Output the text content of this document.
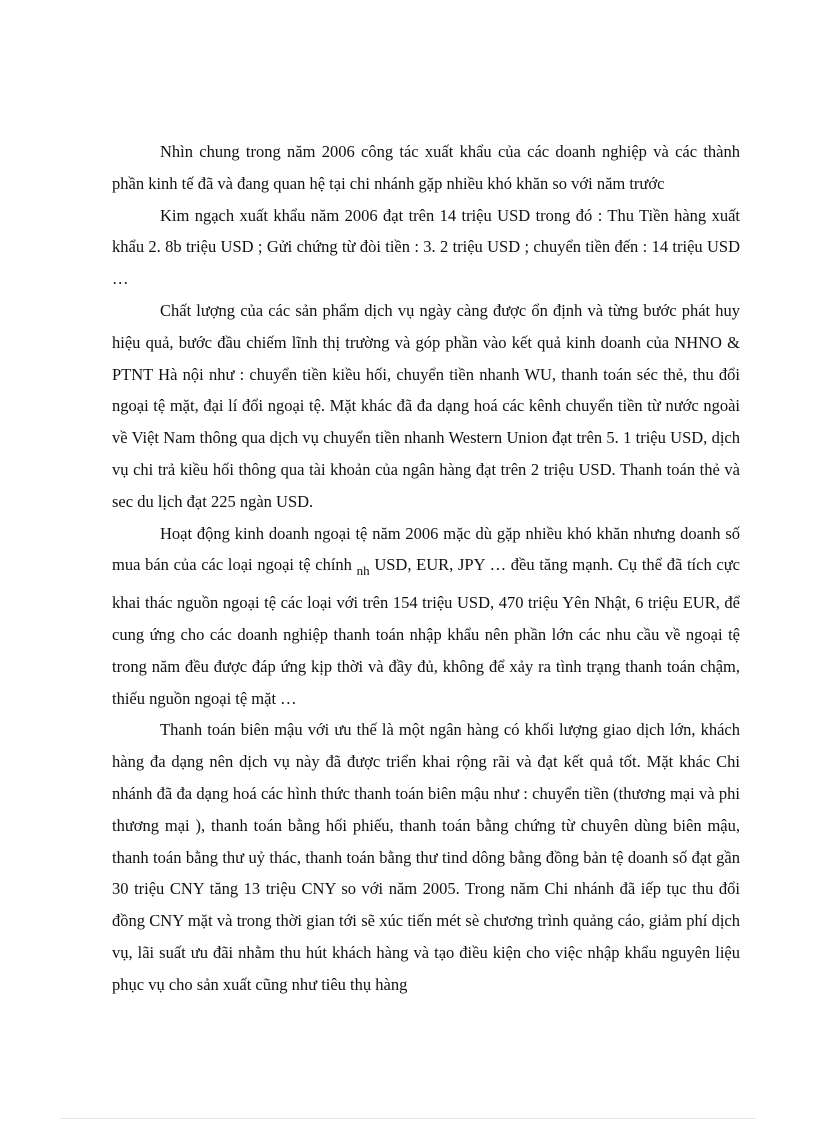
Nhìn chung trong năm 2006 công tác xuất khẩu của các doanh nghiệp và các thành phần kinh tế đã và đang quan hệ tại chi nhánh gặp nhiều khó khăn so với năm trước

Kim ngạch xuất khẩu năm 2006 đạt trên 14 triệu USD trong đó : Thu Tiền hàng xuất khẩu 2. 8b triệu USD ; Gửi chứng từ đòi tiền : 3. 2 triệu USD ; chuyển tiền đến : 14 triệu USD …

Chất lượng của các sản phẩm dịch vụ ngày càng được ổn định và từng bước phát huy hiệu quả, bước đầu chiếm lĩnh thị trường và góp phần vào kết quả kinh doanh của NHNO & PTNT Hà nội như : chuyển tiền kiều hối, chuyển tiền nhanh WU, thanh toán séc thẻ, thu đổi ngoại tệ mặt, đại lí đổi ngoại tệ. Mặt khác đã đa dạng hoá các kênh chuyển tiền từ nước ngoài về Việt Nam thông qua dịch vụ chuyển tiền nhanh Western Union đạt trên 5. 1 triệu USD, dịch vụ chi trả kiều hối thông qua tài khoản của ngân hàng đạt trên 2 triệu USD. Thanh toán thẻ và sec du lịch đạt 225 ngàn USD.

Hoạt động kinh doanh ngoại tệ năm 2006 mặc dù gặp nhiều khó khăn nhưng doanh số mua bán của các loại ngoại tệ chính $_{nh}$ USD, EUR, JPY … đều tăng mạnh. Cụ thể đã tích cực khai thác nguồn ngoại tệ các loại với trên 154 triệu USD, 470 triệu Yên Nhật, 6 triệu EUR, để cung ứng cho các doanh nghiệp thanh toán nhập khẩu nên phần lớn các nhu cầu về ngoại tệ trong năm đều được đáp ứng kịp thời và đầy đủ, không để xảy ra tình trạng thanh toán chậm, thiếu nguồn ngoại tệ mặt …

Thanh toán biên mậu với ưu thế là một ngân hàng có khối lượng giao dịch lớn, khách hàng đa dạng nên dịch vụ này đã được triển khai rộng rãi và đạt kết quả tốt. Mặt khác Chi nhánh đã đa dạng hoá các hình thức thanh toán biên mậu như : chuyển tiền (thương mại và phi thương mại ), thanh toán bằng hối phiếu, thanh toán bằng chứng từ chuyên dùng biên mậu, thanh toán bằng thư uỷ thác, thanh toán bằng thư tind dông bằng đồng bản tệ doanh số đạt gần 30 triệu CNY tăng 13 triệu CNY so với năm 2005. Trong năm Chi nhánh đã iếp tục thu đổi đồng CNY mặt và trong thời gian tới sẽ xúc tiến mét sè chương trình quảng cáo, giảm phí dịch vụ, lãi suất ưu đãi nhằm thu hút khách hàng và tạo điều kiện cho việc nhập khẩu nguyên liệu phục vụ cho sản xuất cũng như tiêu thụ hàng
